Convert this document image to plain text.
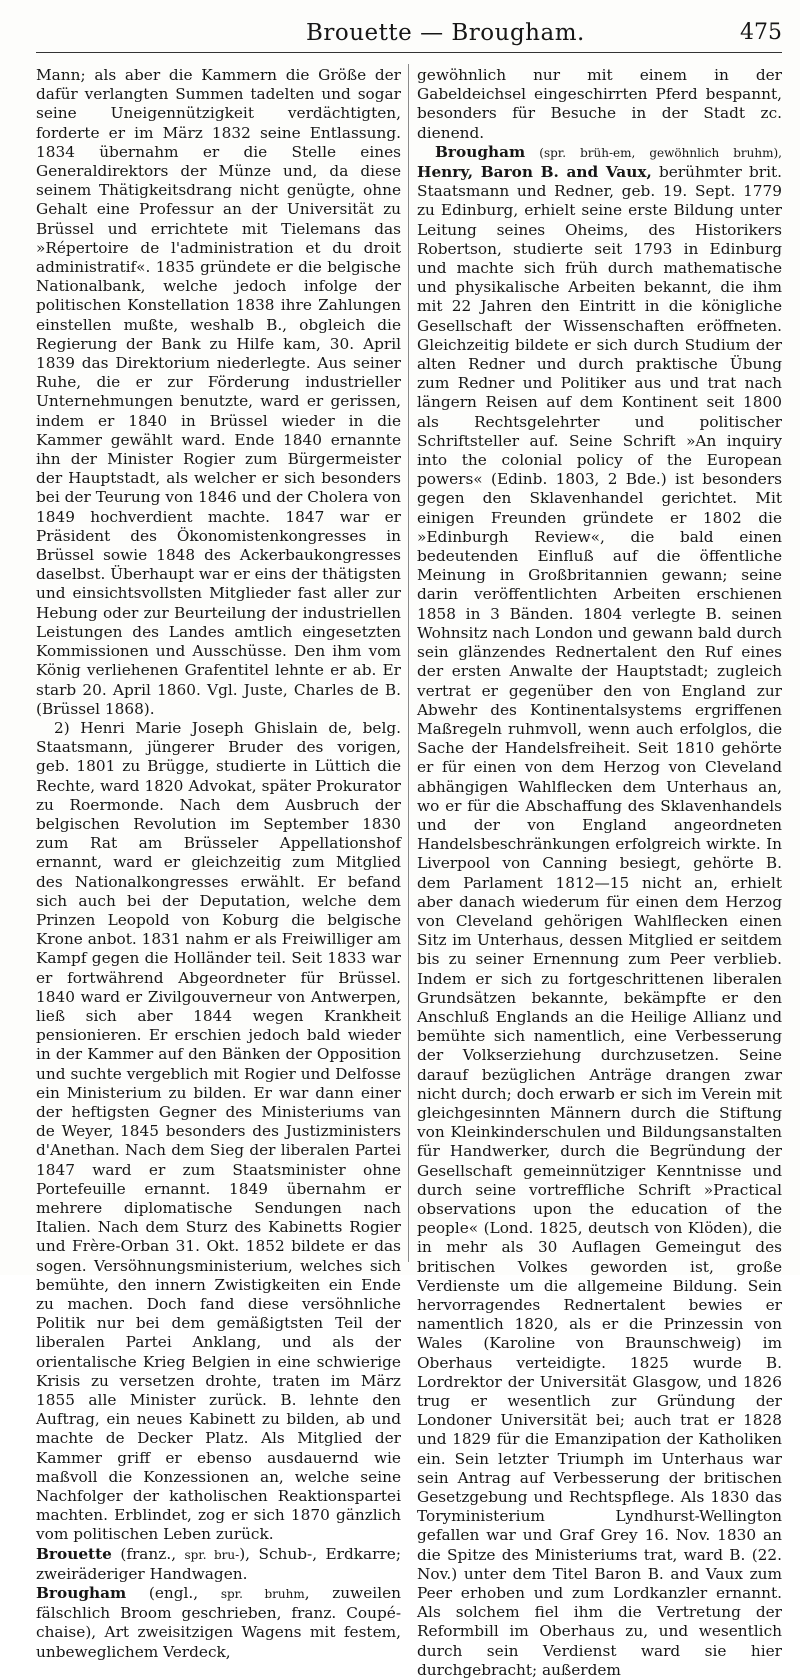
Brouette — Brougham.	475

Mann; als aber die Kammern die Größe der dafür verlangten Summen tadelten und sogar seine Uneigennützigkeit verdächtigten, forderte er im März 1832 seine Entlassung. 1834 übernahm er die Stelle eines Generaldirektors der Münze und, da diese seinem Thätigkeitsdrang nicht genügte, ohne Gehalt eine Professur an der Universität zu Brüssel und errichtete mit Tielemans das »Répertoire de l'administration et du droit administratif«. 1835 gründete er die belgische Nationalbank, welche jedoch infolge der politischen Konstellation 1838 ihre Zahlungen einstellen mußte, weshalb B., obgleich die Regierung der Bank zu Hilfe kam, 30. April 1839 das Direktorium niederlegte. Aus seiner Ruhe, die er zur Förderung industrieller Unternehmungen benutzte, ward er gerissen, indem er 1840 in Brüssel wieder in die Kammer gewählt ward. Ende 1840 ernannte ihn der Minister Rogier zum Bürgermeister der Hauptstadt, als welcher er sich besonders bei der Teurung von 1846 und der Cholera von 1849 hochverdient machte. 1847 war er Präsident des Ökonomistenkongresses in Brüssel sowie 1848 des Ackerbaukongresses daselbst. Überhaupt war er eins der thätigsten und einsichtsvollsten Mitglieder fast aller zur Hebung oder zur Beurteilung der industriellen Leistungen des Landes amtlich eingesetzten Kommissionen und Ausschüsse. Den ihm vom König verliehenen Grafentitel lehnte er ab. Er starb 20. April 1860. Vgl. Juste, Charles de B. (Brüssel 1868).

2) Henri Marie Joseph Ghislain de, belg. Staatsmann, jüngerer Bruder des vorigen, geb. 1801 zu Brügge, studierte in Lüttich die Rechte, ward 1820 Advokat, später Prokurator zu Roermonde. Nach dem Ausbruch der belgischen Revolution im September 1830 zum Rat am Brüsseler Appellationshof ernannt, ward er gleichzeitig zum Mitglied des Nationalkongresses erwählt. Er befand sich auch bei der Deputation, welche dem Prinzen Leopold von Koburg die belgische Krone anbot. 1831 nahm er als Freiwilliger am Kampf gegen die Holländer teil. Seit 1833 war er fortwährend Abgeordneter für Brüssel. 1840 ward er Zivilgouverneur von Antwerpen, ließ sich aber 1844 wegen Krankheit pensionieren. Er erschien jedoch bald wieder in der Kammer auf den Bänken der Opposition und suchte vergeblich mit Rogier und Delfosse ein Ministerium zu bilden. Er war dann einer der heftigsten Gegner des Ministeriums van de Weyer, 1845 besonders des Justizministers d'Anethan. Nach dem Sieg der liberalen Partei 1847 ward er zum Staatsminister ohne Portefeuille ernannt. 1849 übernahm er mehrere diplomatische Sendungen nach Italien. Nach dem Sturz des Kabinetts Rogier und Frère-Orban 31. Okt. 1852 bildete er das sogen. Versöhnungsministerium, welches sich bemühte, den innern Zwistigkeiten ein Ende zu machen. Doch fand diese versöhnliche Politik nur bei dem gemäßigtsten Teil der liberalen Partei Anklang, und als der orientalische Krieg Belgien in eine schwierige Krisis zu versetzen drohte, traten im März 1855 alle Minister zurück. B. lehnte den Auftrag, ein neues Kabinett zu bilden, ab und machte de Decker Platz. Als Mitglied der Kammer griff er ebenso ausdauernd wie maßvoll die Konzessionen an, welche seine Nachfolger der katholischen Reaktionspartei machten. Erblindet, zog er sich 1870 gänzlich vom politischen Leben zurück.

Brouette (franz., spr. bru-), Schub-, Erdkarre; zweiräderiger Handwagen.

Brougham (engl., spr. bruhm, zuweilen fälschlich Broom geschrieben, franz. Coupé-chaise), Art zweisitzigen Wagens mit festem, unbeweglichem Verdeck,

gewöhnlich nur mit einem in der Gabeldeichsel eingeschirrten Pferd bespannt, besonders für Besuche in der Stadt zc. dienend.

Brougham (spr. brüh-em, gewöhnlich bruhm), Henry, Baron B. and Vaux, berühmter brit. Staatsmann und Redner, geb. 19. Sept. 1779 zu Edinburg, erhielt seine erste Bildung unter Leitung seines Oheims, des Historikers Robertson, studierte seit 1793 in Edinburg und machte sich früh durch mathematische und physikalische Arbeiten bekannt, die ihm mit 22 Jahren den Eintritt in die königliche Gesellschaft der Wissenschaften eröffneten. Gleichzeitig bildete er sich durch Studium der alten Redner und durch praktische Übung zum Redner und Politiker aus und trat nach längern Reisen auf dem Kontinent seit 1800 als Rechtsgelehrter und politischer Schriftsteller auf. Seine Schrift »An inquiry into the colonial policy of the European powers« (Edinb. 1803, 2 Bde.) ist besonders gegen den Sklavenhandel gerichtet. Mit einigen Freunden gründete er 1802 die »Edinburgh Review«, die bald einen bedeutenden Einfluß auf die öffentliche Meinung in Großbritannien gewann; seine darin veröffentlichten Arbeiten erschienen 1858 in 3 Bänden. 1804 verlegte B. seinen Wohnsitz nach London und gewann bald durch sein glänzendes Rednertalent den Ruf eines der ersten Anwalte der Hauptstadt; zugleich vertrat er gegenüber den von England zur Abwehr des Kontinentalsystems ergriffenen Maßregeln ruhmvoll, wenn auch erfolglos, die Sache der Handelsfreiheit. Seit 1810 gehörte er für einen von dem Herzog von Cleveland abhängigen Wahlflecken dem Unterhaus an, wo er für die Abschaffung des Sklavenhandels und der von England angeordneten Handelsbeschränkungen erfolgreich wirkte. In Liverpool von Canning besiegt, gehörte B. dem Parlament 1812—15 nicht an, erhielt aber danach wiederum für einen dem Herzog von Cleveland gehörigen Wahlflecken einen Sitz im Unterhaus, dessen Mitglied er seitdem bis zu seiner Ernennung zum Peer verblieb. Indem er sich zu fortgeschrittenen liberalen Grundsätzen bekannte, bekämpfte er den Anschluß Englands an die Heilige Allianz und bemühte sich namentlich, eine Verbesserung der Volkserziehung durchzusetzen. Seine darauf bezüglichen Anträge drangen zwar nicht durch; doch erwarb er sich im Verein mit gleichgesinnten Männern durch die Stiftung von Kleinkinderschulen und Bildungsanstalten für Handwerker, durch die Begründung der Gesellschaft gemeinnütziger Kenntnisse und durch seine vortreffliche Schrift »Practical observations upon the education of the people« (Lond. 1825, deutsch von Klöden), die in mehr als 30 Auflagen Gemeingut des britischen Volkes geworden ist, große Verdienste um die allgemeine Bildung. Sein hervorragendes Rednertalent bewies er namentlich 1820, als er die Prinzessin von Wales (Karoline von Braunschweig) im Oberhaus verteidigte. 1825 wurde B. Lordrektor der Universität Glasgow, und 1826 trug er wesentlich zur Gründung der Londoner Universität bei; auch trat er 1828 und 1829 für die Emanzipation der Katholiken ein. Sein letzter Triumph im Unterhaus war sein Antrag auf Verbesserung der britischen Gesetzgebung und Rechtspflege. Als 1830 das Toryministerium Lyndhurst-Wellington gefallen war und Graf Grey 16. Nov. 1830 an die Spitze des Ministeriums trat, ward B. (22. Nov.) unter dem Titel Baron B. and Vaux zum Peer erhoben und zum Lordkanzler ernannt. Als solchem fiel ihm die Vertretung der Reformbill im Oberhaus zu, und wesentlich durch sein Verdienst ward sie hier durchgebracht; außerdem
